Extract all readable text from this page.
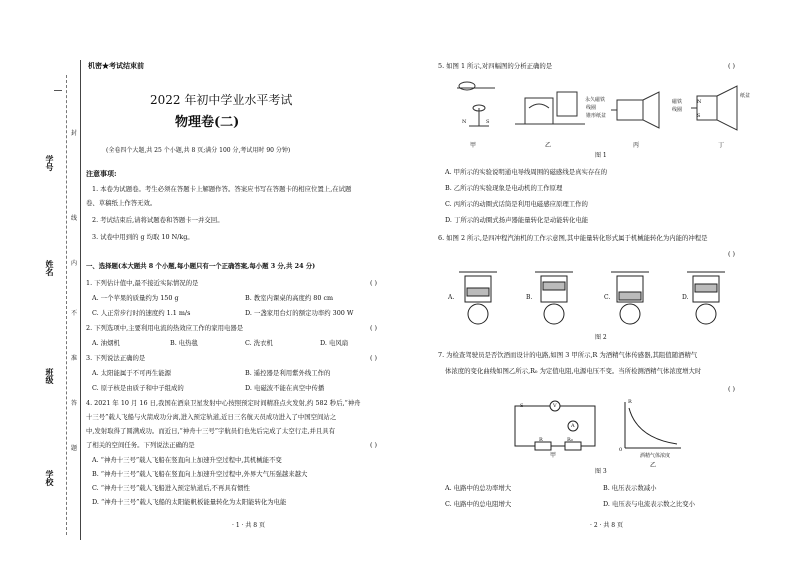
学号
姓名
班级
学校
封
线
内
不
准
答
题
机密★考试结束前
2022 年初中学业水平考试
物理卷(二)
(全卷四个大题,共 25 个小题,共 8 页;满分 100 分,考试用时 90 分钟)
注意事项:
1. 本卷为试题卷。考生必须在答题卡上解题作答。答案应书写在答题卡的相应位置上,在试题
卷、草稿纸上作答无效。
2. 考试结束后,请将试题卷和答题卡一并交回。
3. 试卷中用到的 g 均取 10 N/kg。
一、选择题(本大题共 8 个小题,每小题只有一个正确答案,每小题 3 分,共 24 分)
1. 下列估计值中,最不接近实际情况的是	( )
A. 一个苹果的质量约为 150 g	B. 教室内课桌的高度约 80 cm
C. 人正常步行时的速度约 1.1 m/s	D. 一盏家用台灯的额定功率约 300 W
2. 下列选项中,主要利用电流的热效应工作的家用电器是	( )
A. 油烟机	B. 电热毯	C. 洗衣机	D. 电风扇
3. 下列说法正确的是	( )
A. 太阳能属于不可再生能源	B. 遥控器是利用紫外线工作的
C. 原子核是由质子和中子组成的	D. 电磁波不能在真空中传播
4. 2021 年 10 月 16 日,我国在酒泉卫星发射中心按照预定时间精准点火发射,约 582 秒后,“神舟
十三号”载人飞船与火箭成功分离,进入预定轨道,近日三名航天员成功进入了中国空间站之
中,发射取得了圆满成功。而近日,“神舟十三号”宇航员们也先后完成了太空行走,并且具有
了相关的空间任务。下列说法正确的是	( )
A. “神舟十三号”载人飞船在竖直向上加速升空过程中,其机械能不变
B. “神舟十三号”载人飞船在竖直向上加速升空过程中,外界大气压强越来越大
C. “神舟十三号”载人飞船进入预定轨道后,不再具有惯性
D. “神舟十三号”载人飞船的太阳能帆板能量转化为太阳能转化为电能
· 1 · 共 8 页
5. 如图 1 所示,对四幅图的分析正确的是	( )
甲	乙	丙	丁
永久磁铁
线圈
锥形纸盆
磁铁
线圈
纸盆
N
S
N	S
图 1
A. 甲所示的实验说明通电导线周围的磁感线是真实存在的
B. 乙所示的实验现象是电动机的工作原理
C. 丙所示的动圈式话筒是利用电磁感应原理工作的
D. 丁所示的动圈式扬声器能量转化是动能转化电能
6. 如图 2 所示,是四冲程汽油机的工作示意图,其中能量转化形式属于机械能转化为内能的冲程是
( )
A.	B.	C.	D.
图 2
7. 为检查驾驶员是否饮酒而设计的电路,如图 3 甲所示,R 为酒精气体传感器,其阻值随酒精气
体浓度的变化曲线如图乙所示,R₀ 为定值电阻,电源电压不变。当所检测酒精气体浓度增大时
( )
S
R	R₀
V
A
R
0
酒精气体浓度
甲
乙
图 3
A. 电路中的总功率增大	B. 电压表示数减小
C. 电路中的总电阻增大	D. 电压表与电流表示数之比变小
· 2 · 共 8 页
